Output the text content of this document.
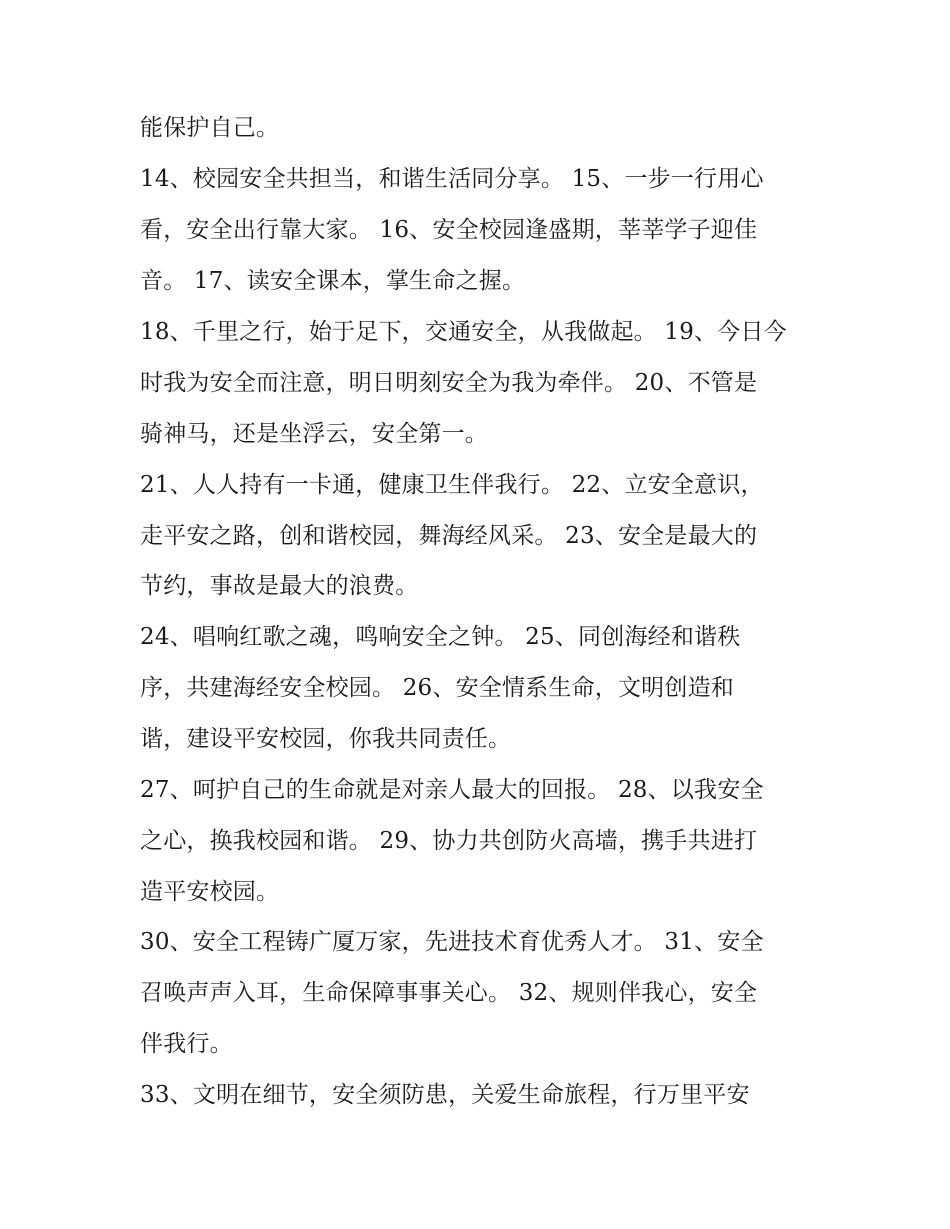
能保护自己。
14、校园安全共担当，和谐生活同分享。 15、一步一行用心
看，安全出行靠大家。 16、安全校园逢盛期，莘莘学子迎佳
音。 17、读安全课本，掌生命之握。
18、千里之行，始于足下，交通安全，从我做起。 19、今日今
时我为安全而注意，明日明刻安全为我为牵伴。 20、不管是
骑神马，还是坐浮云，安全第一。
21、人人持有一卡通，健康卫生伴我行。 22、立安全意识，
走平安之路，创和谐校园，舞海经风采。 23、安全是最大的
节约，事故是最大的浪费。
24、唱响红歌之魂，鸣响安全之钟。 25、同创海经和谐秩
序，共建海经安全校园。 26、安全情系生命，文明创造和
谐，建设平安校园，你我共同责任。
27、呵护自己的生命就是对亲人最大的回报。 28、以我安全
之心，换我校园和谐。 29、协力共创防火高墙，携手共进打
造平安校园。
30、安全工程铸广厦万家，先进技术育优秀人才。 31、安全
召唤声声入耳，生命保障事事关心。 32、规则伴我心，安全
伴我行。
33、文明在细节，安全须防患，关爱生命旅程，行万里平安
